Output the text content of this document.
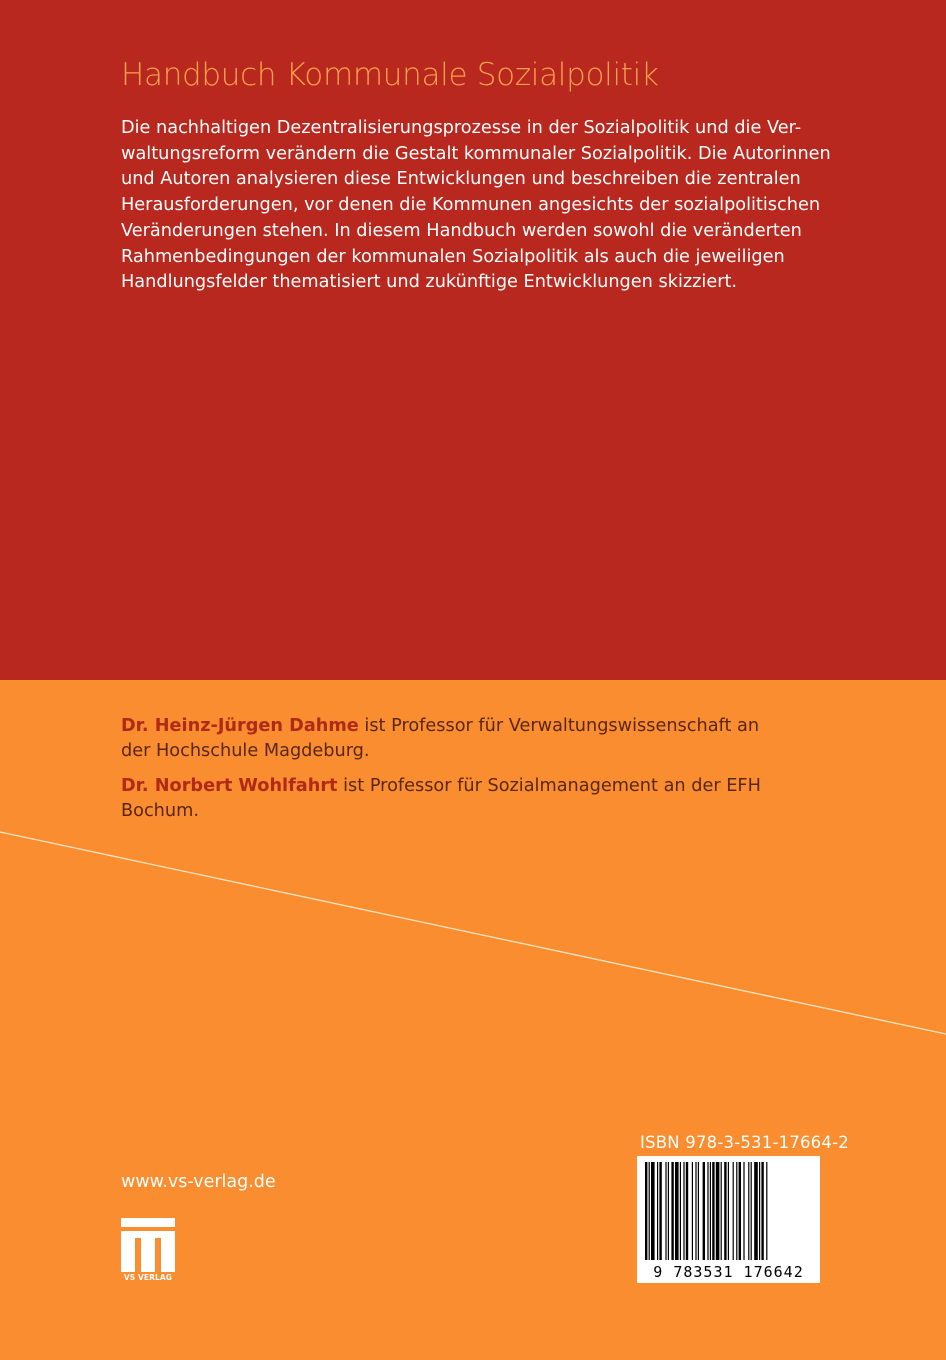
Handbuch Kommunale Sozialpolitik

Die nachhaltigen Dezentralisierungsprozesse in der Sozialpolitik und die Ver-
waltungsreform verändern die Gestalt kommunaler Sozialpolitik. Die Autorinnen
und Autoren analysieren diese Entwicklungen und beschreiben die zentralen
Herausforderungen, vor denen die Kommunen angesichts der sozialpolitischen
Veränderungen stehen. In diesem Handbuch werden sowohl die veränderten
Rahmenbedingungen der kommunalen Sozialpolitik als auch die jeweiligen
Handlungsfelder thematisiert und zukünftige Entwicklungen skizziert.

Dr. Heinz-Jürgen Dahme ist Professor für Verwaltungswissenschaft an
der Hochschule Magdeburg.

Dr. Norbert Wohlfahrt ist Professor für Sozialmanagement an der EFH
Bochum.

www.vs-verlag.de
VS VERLAG
ISBN 978-3-531-17664-2
9 783531 176642
